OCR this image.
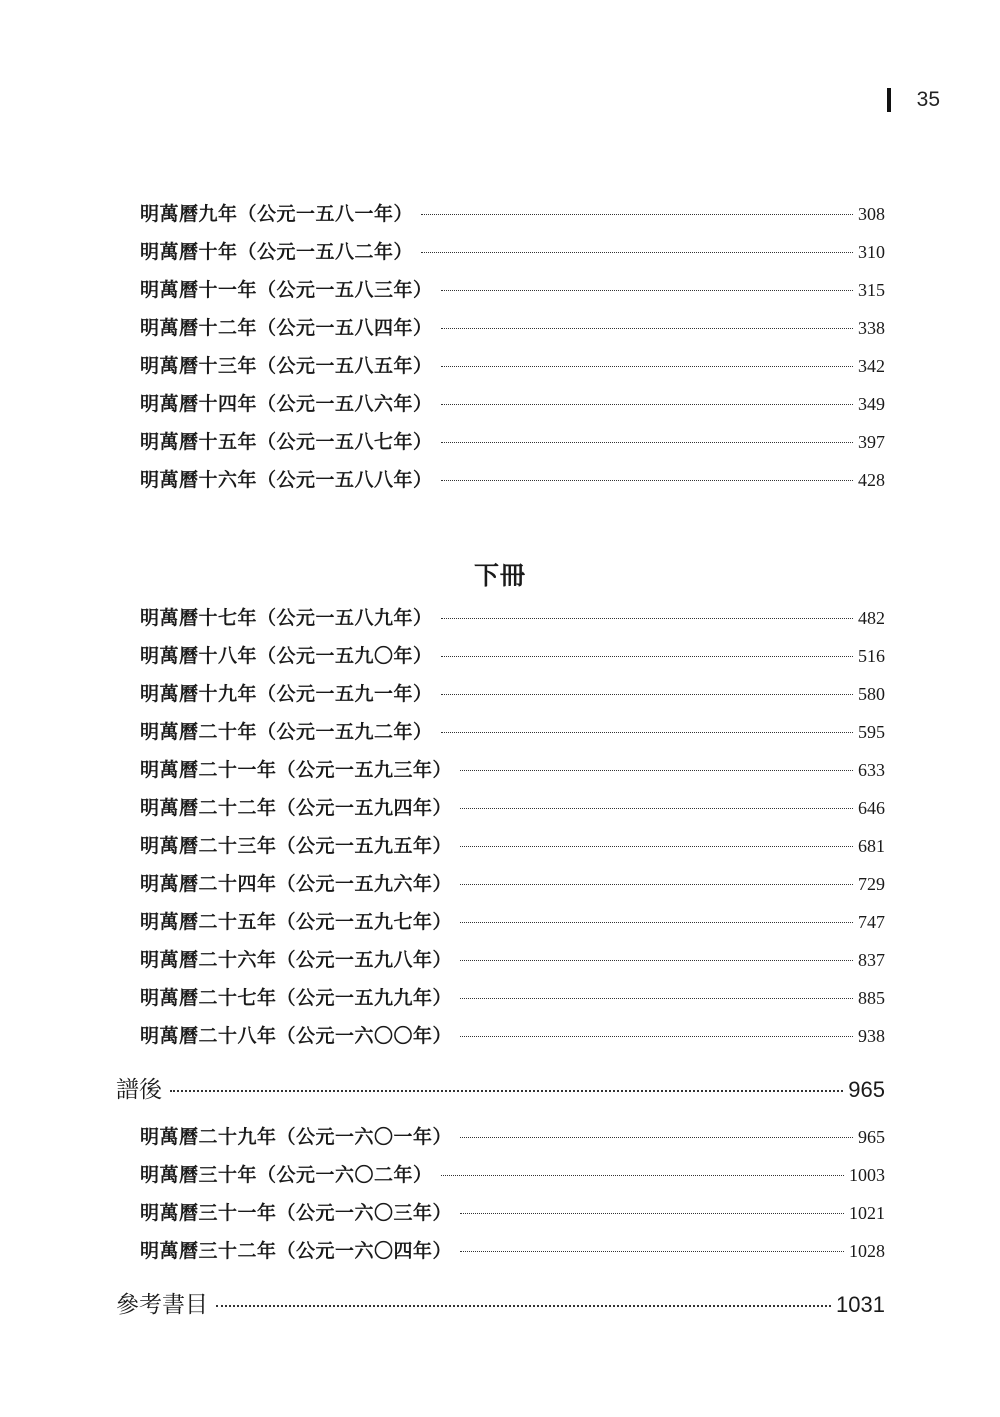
35
明萬曆九年（公元一五八一年）	308
明萬曆十年（公元一五八二年）	310
明萬曆十一年（公元一五八三年）	315
明萬曆十二年（公元一五八四年）	338
明萬曆十三年（公元一五八五年）	342
明萬曆十四年（公元一五八六年）	349
明萬曆十五年（公元一五八七年）	397
明萬曆十六年（公元一五八八年）	428
下冊
明萬曆十七年（公元一五八九年）	482
明萬曆十八年（公元一五九〇年）	516
明萬曆十九年（公元一五九一年）	580
明萬曆二十年（公元一五九二年）	595
明萬曆二十一年（公元一五九三年）	633
明萬曆二十二年（公元一五九四年）	646
明萬曆二十三年（公元一五九五年）	681
明萬曆二十四年（公元一五九六年）	729
明萬曆二十五年（公元一五九七年）	747
明萬曆二十六年（公元一五九八年）	837
明萬曆二十七年（公元一五九九年）	885
明萬曆二十八年（公元一六〇〇年）	938
譜後	965
明萬曆二十九年（公元一六〇一年）	965
明萬曆三十年（公元一六〇二年）	1003
明萬曆三十一年（公元一六〇三年）	1021
明萬曆三十二年（公元一六〇四年）	1028
參考書目	1031
